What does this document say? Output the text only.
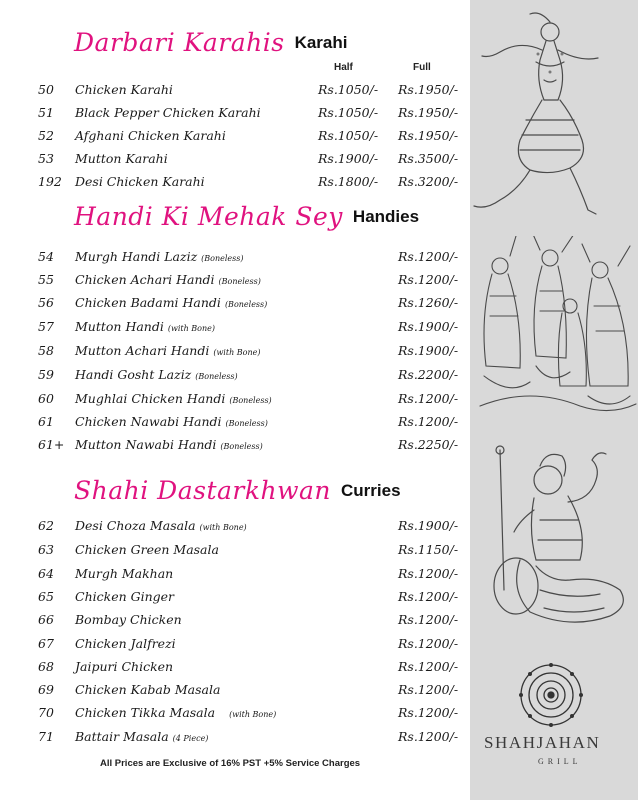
Darbari Karahis Karahi
Half	Full
50 Chicken Karahi	Rs.1050/- Rs.1950/-
51 Black Pepper Chicken Karahi	Rs.1050/- Rs.1950/-
52 Afghani Chicken Karahi	Rs.1050/- Rs.1950/-
53 Mutton Karahi	Rs.1900/- Rs.3500/-
192 Desi Chicken Karahi	Rs.1800/- Rs.3200/-
Handi Ki Mehak Sey Handies
54 Murgh Handi Laziz (Boneless)	Rs.1200/-
55 Chicken Achari Handi (Boneless)	Rs.1200/-
56 Chicken Badami Handi (Boneless)	Rs.1260/-
57 Mutton Handi (with Bone)	Rs.1900/-
58 Mutton Achari Handi (with Bone)	Rs.1900/-
59 Handi Gosht Laziz (Boneless)	Rs.2200/-
60 Mughlai Chicken Handi (Boneless)	Rs.1200/-
61 Chicken Nawabi Handi (Boneless)	Rs.1200/-
61+ Mutton Nawabi Handi (Boneless)	Rs.2250/-
Shahi Dastarkhwan Curries
62 Desi Choza Masala (with Bone)	Rs.1900/-
63 Chicken Green Masala	Rs.1150/-
64 Murgh Makhan	Rs.1200/-
65 Chicken Ginger	Rs.1200/-
66 Bombay Chicken	Rs.1200/-
67 Chicken Jalfrezi	Rs.1200/-
68 Jaipuri Chicken	Rs.1200/-
69 Chicken Kabab Masala	Rs.1200/-
70 Chicken Tikka Masala (with Bone)	Rs.1200/-
71 Battair Masala (4 Piece)	Rs.1200/-
All Prices are Exclusive of 16% PST +5% Service Charges
SHAHJAHAN
GRILL
